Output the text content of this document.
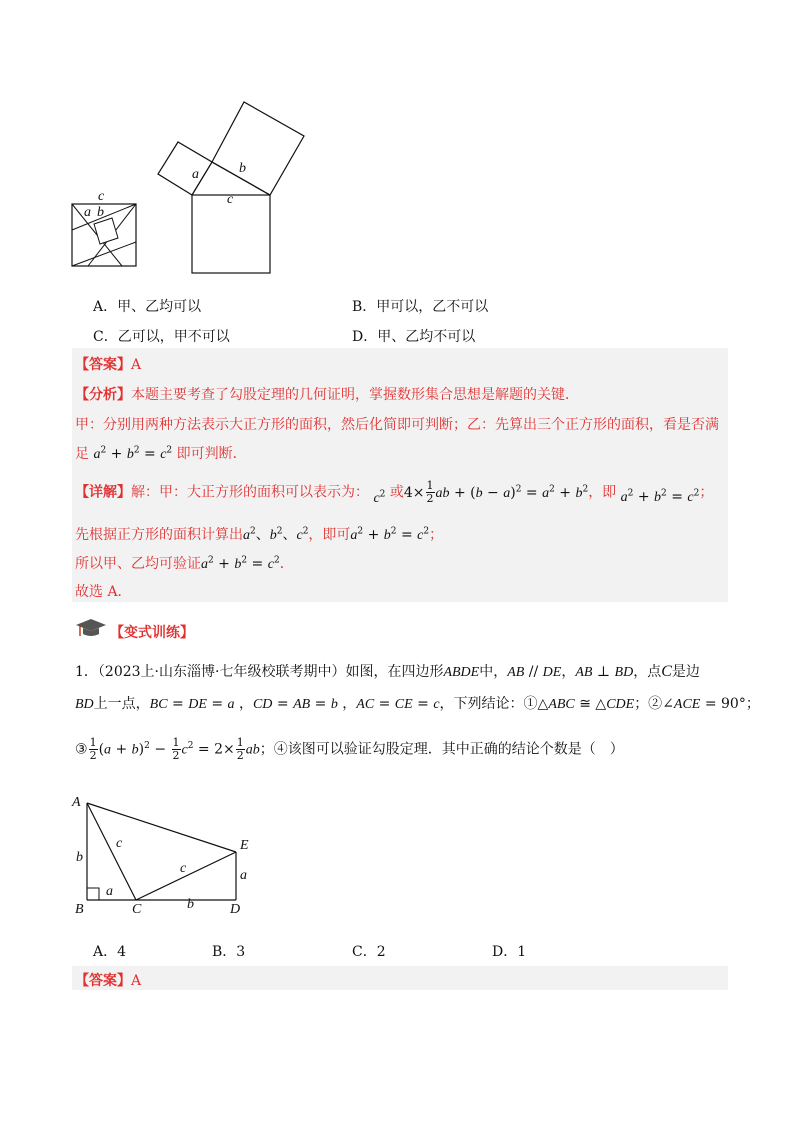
c
a b
a	b
c
A．甲、乙均可以	B．甲可以，乙不可以
C．乙可以，甲不可以	D．甲、乙均不可以
【答案】A
【分析】本题主要考查了勾股定理的几何证明，掌握数形集合思想是解题的关键．
甲：分别用两种方法表示大正方形的面积，然后化简即可判断；乙：先算出三个正方形的面积，看是否满
足 $a^2 + b^2 = c^2$ 即可判断．
【详解】解：甲：大正方形的面积可以表示为： $c^2$ 或$4\times \frac{1}{2}$ ab + $(b - a)^2 = a^2 + b^2$，即 $a^2 + b^2 = c^2$；
先根据正方形的面积计算出$a^2$、$b^2$、$c^2$，即可$a^2 + b^2 = c^2$；
所以甲、乙均可验证$a^2 + b^2 = c^2$．
故选 A．
【变式训练】
1．（2023上·山东淄博·七年级校联考期中）如图，在四边形ABDE中，AB // DE，AB ⊥ BD，点C是边
BD上一点，BC = DE = a ，CD = AB = b ，AC = CE = c，下列结论：①△ABC ≅ △CDE；②∠ACE = 90°；
③ $\frac{1}{2} (a + b)^2 - \frac{1}{2} c^2 = 2\times \frac{1}{2}$ ab；④该图可以验证勾股定理．其中正确的结论个数是（　）
A
B	C	D
E
a
b
c
c
b
a
A．4	B．3	C．2	D．1
【答案】A
